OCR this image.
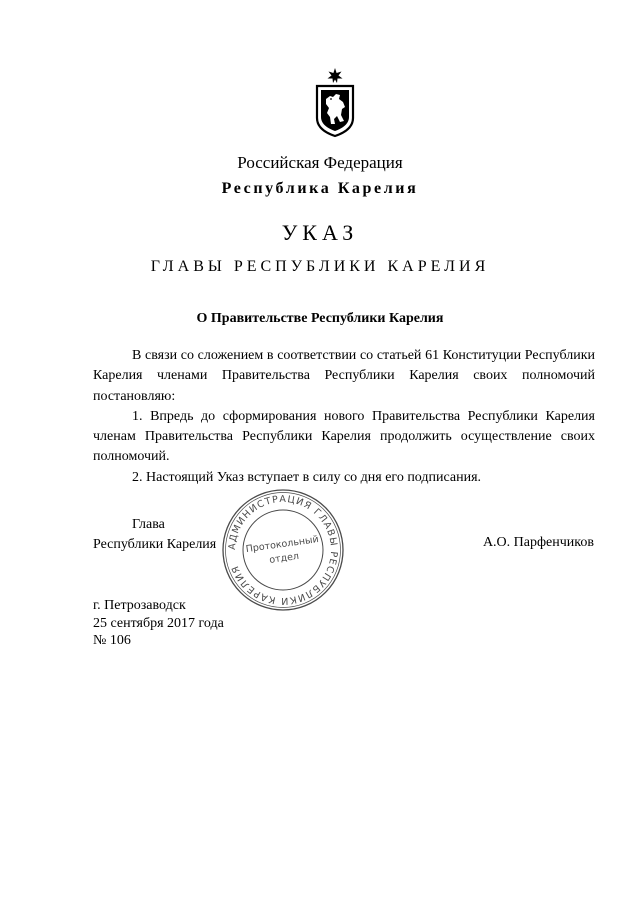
Российская Федерация
Республика Карелия
УКАЗ
ГЛАВЫ РЕСПУБЛИКИ КАРЕЛИЯ
О Правительстве Республики Карелия

В связи со сложением в соответствии со статьей 61 Конституции Республики Карелия членами Правительства Республики Карелия своих полномочий постановляю:

1. Впредь до сформирования нового Правительства Республики Карелия членам Правительства Республики Карелия продолжить осуществление своих полномочий.

2. Настоящий Указ вступает в силу со дня его подписания.

Глава
Республики Карелия АДМИНИСТРАЦИЯ ГЛАВЫ РЕСПУБЛИКИ КАРЕЛИЯ
Протокольный
отдел
А.О. Парфенчиков
г. Петрозаводск
25 сентября 2017 года
№ 106
